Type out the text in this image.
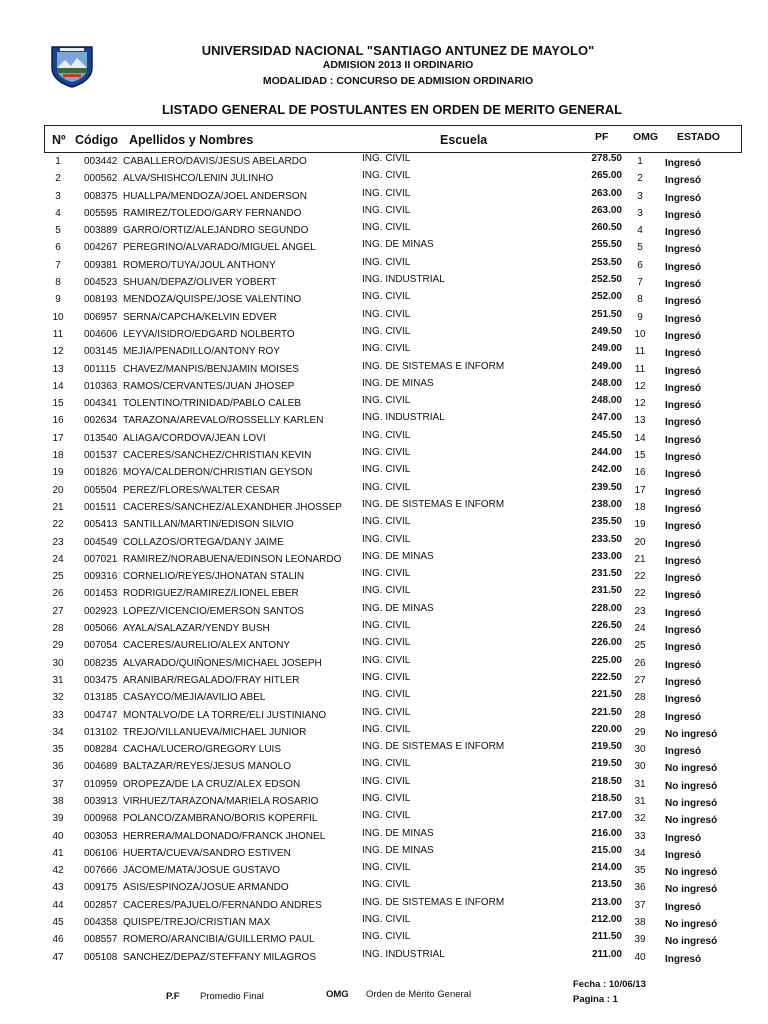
UNIVERSIDAD NACIONAL "SANTIAGO ANTUNEZ DE MAYOLO"
ADMISION 2013 II ORDINARIO
MODALIDAD : CONCURSO DE ADMISION ORDINARIO
LISTADO GENERAL DE POSTULANTES EN ORDEN DE MERITO GENERAL
Nº Código Apellidos y Nombres	Escuela	PF OMG ESTADO
1	003442 CABALLERO/DAVIS/JESUS ABELARDO	ING. CIVIL	278.50	1	Ingresó
2	000562 ALVA/SHISHCO/LENIN JULINHO	ING. CIVIL	265.00	2	Ingresó
3	008375 HUALLPA/MENDOZA/JOEL ANDERSON	ING. CIVIL	263.00	3	Ingresó
4	005595 RAMIREZ/TOLEDO/GARY FERNANDO	ING. CIVIL	263.00	3	Ingresó
5	003889 GARRO/ORTIZ/ALEJANDRO SEGUNDO	ING. CIVIL	260.50	4	Ingresó
6	004267 PEREGRINO/ALVARADO/MIGUEL ANGEL	ING. DE MINAS	255.50	5	Ingresó
7	009381 ROMERO/TUYA/JOUL ANTHONY	ING. CIVIL	253.50	6	Ingresó
8	004523 SHUAN/DEPAZ/OLIVER YOBERT	ING. INDUSTRIAL	252.50	7	Ingresó
9	008193 MENDOZA/QUISPE/JOSE VALENTINO	ING. CIVIL	252.00	8	Ingresó
10	006957 SERNA/CAPCHA/KELVIN EDVER	ING. CIVIL	251.50	9	Ingresó
11	004606 LEYVA/ISIDRO/EDGARD NOLBERTO	ING. CIVIL	249.50	10	Ingresó
12	003145 MEJIA/PENADILLO/ANTONY ROY	ING. CIVIL	249.00	11	Ingresó
13	001115 CHAVEZ/MANPIS/BENJAMIN MOISES	ING. DE SISTEMAS E INFORM	249.00	11	Ingresó
14	010363 RAMOS/CERVANTES/JUAN JHOSEP	ING. DE MINAS	248.00	12	Ingresó
15	004341 TOLENTINO/TRINIDAD/PABLO CALEB	ING. CIVIL	248.00	12	Ingresó
16	002634 TARAZONA/AREVALO/ROSSELLY KARLEN	ING. INDUSTRIAL	247.00	13	Ingresó
17	013540 ALIAGA/CORDOVA/JEAN LOVI	ING. CIVIL	245.50	14	Ingresó
18	001537 CACERES/SANCHEZ/CHRISTIAN KEVIN	ING. CIVIL	244.00	15	Ingresó
19	001826 MOYA/CALDERON/CHRISTIAN GEYSON	ING. CIVIL	242.00	16	Ingresó
20	005504 PEREZ/FLORES/WALTER CESAR	ING. CIVIL	239.50	17	Ingresó
21	001511 CACERES/SANCHEZ/ALEXANDHER JHOSSEP ING. DE SISTEMAS E INFORM	238.00	18	Ingresó
22	005413 SANTILLAN/MARTIN/EDISON SILVIO	ING. CIVIL	235.50	19	Ingresó
23	004549 COLLAZOS/ORTEGA/DANY JAIME	ING. CIVIL	233.50	20	Ingresó
24	007021 RAMIREZ/NORABUENA/EDINSON LEONARDO ING. DE MINAS	233.00	21	Ingresó
25	009316 CORNELIO/REYES/JHONATAN STALIN	ING. CIVIL	231.50	22	Ingresó
26	001453 RODRIGUEZ/RAMIREZ/LIONEL EBER	ING. CIVIL	231.50	22	Ingresó
27	002923 LOPEZ/VICENCIO/EMERSON SANTOS	ING. DE MINAS	228.00	23	Ingresó
28	005066 AYALA/SALAZAR/YENDY BUSH	ING. CIVIL	226.50	24	Ingresó
29	007054 CACERES/AURELIO/ALEX ANTONY	ING. CIVIL	226.00	25	Ingresó
30	008235 ALVARADO/QUIÑONES/MICHAEL JOSEPH	ING. CIVIL	225.00	26	Ingresó
31	003475 ARANIBAR/REGALADO/FRAY HITLER	ING. CIVIL	222.50	27	Ingresó
32	013185 CASAYCO/MEJIA/AVILIO ABEL	ING. CIVIL	221.50	28	Ingresó
33	004747 MONTALVO/DE LA TORRE/ELI JUSTINIANO	ING. CIVIL	221.50	28	Ingresó
34	013102 TREJO/VILLANUEVA/MICHAEL JUNIOR	ING. CIVIL	220.00	29	No ingresó
35	008284 CACHA/LUCERO/GREGORY LUIS	ING. DE SISTEMAS E INFORM	219.50	30	Ingresó
36	004689 BALTAZAR/REYES/JESUS MANOLO	ING. CIVIL	219.50	30	No ingresó
37	010959 OROPEZA/DE LA CRUZ/ALEX EDSON	ING. CIVIL	218.50	31	No ingresó
38	003913 VIRHUEZ/TARAZONA/MARIELA ROSARIO	ING. CIVIL	218.50	31	No ingresó
39	000968 POLANCO/ZAMBRANO/BORIS KOPERFIL	ING. CIVIL	217.00	32	No ingresó
40	003053 HERRERA/MALDONADO/FRANCK JHONEL	ING. DE MINAS	216.00	33	Ingresó
41	006106 HUERTA/CUEVA/SANDRO ESTIVEN	ING. DE MINAS	215.00	34	Ingresó
42	007666 JACOME/MATA/JOSUE GUSTAVO	ING. CIVIL	214.00	35	No ingresó
43	009175 ASIS/ESPINOZA/JOSUE ARMANDO	ING. CIVIL	213.50	36	No ingresó
44	002857 CACERES/PAJUELO/FERNANDO ANDRES	ING. DE SISTEMAS E INFORM	213.00	37	Ingresó
45	004358 QUISPE/TREJO/CRISTIAN MAX	ING. CIVIL	212.00	38	No ingresó
46	008557 ROMERO/ARANCIBIA/GUILLERMO PAUL	ING. CIVIL	211.50	39	No ingresó
47	005108 SANCHEZ/DEPAZ/STEFFANY MILAGROS	ING. INDUSTRIAL	211.00	40	Ingresó
P.F Promedio Final	OMG Orden de Mérito General
Fecha : 10/06/13
Pagina : 1
